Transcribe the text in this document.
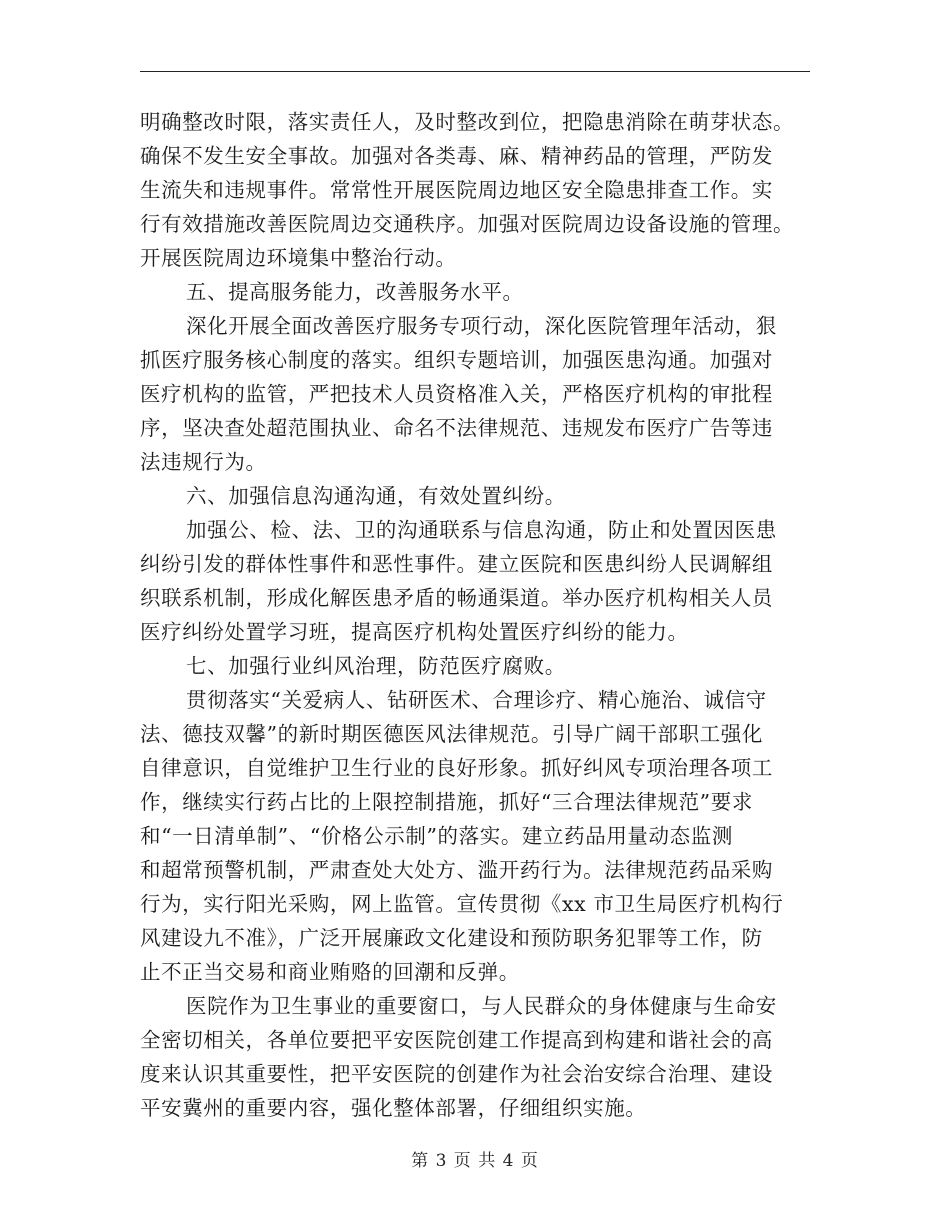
明确整改时限，落实责任人，及时整改到位，把隐患消除在萌芽状态。
确保不发生安全事故。加强对各类毒、麻、精神药品的管理，严防发
生流失和违规事件。常常性开展医院周边地区安全隐患排查工作。实
行有效措施改善医院周边交通秩序。加强对医院周边设备设施的管理。
开展医院周边环境集中整治行动。
五、提高服务能力，改善服务水平。
深化开展全面改善医疗服务专项行动，深化医院管理年活动，狠
抓医疗服务核心制度的落实。组织专题培训，加强医患沟通。加强对
医疗机构的监管，严把技术人员资格准入关，严格医疗机构的审批程
序，坚决查处超范围执业、命名不法律规范、违规发布医疗广告等违
法违规行为。
六、加强信息沟通沟通，有效处置纠纷。
加强公、检、法、卫的沟通联系与信息沟通，防止和处置因医患
纠纷引发的群体性事件和恶性事件。建立医院和医患纠纷人民调解组
织联系机制，形成化解医患矛盾的畅通渠道。举办医疗机构相关人员
医疗纠纷处置学习班，提高医疗机构处置医疗纠纷的能力。
七、加强行业纠风治理，防范医疗腐败。
贯彻落实“关爱病人、钻研医术、合理诊疗、精心施治、诚信守
法、德技双馨”的新时期医德医风法律规范。引导广阔干部职工强化
自律意识，自觉维护卫生行业的良好形象。抓好纠风专项治理各项工
作，继续实行药占比的上限控制措施，抓好“三合理法律规范”要求
和“一日清单制”、“价格公示制”的落实。建立药品用量动态监测
和超常预警机制，严肃查处大处方、滥开药行为。法律规范药品采购
行为，实行阳光采购，网上监管。宣传贯彻《xx 市卫生局医疗机构行
风建设九不准》，广泛开展廉政文化建设和预防职务犯罪等工作，防
止不正当交易和商业贿赂的回潮和反弹。
医院作为卫生事业的重要窗口，与人民群众的身体健康与生命安
全密切相关，各单位要把平安医院创建工作提高到构建和谐社会的高
度来认识其重要性，把平安医院的创建作为社会治安综合治理、建设
平安冀州的重要内容，强化整体部署，仔细组织实施。
第 3 页 共 4 页
